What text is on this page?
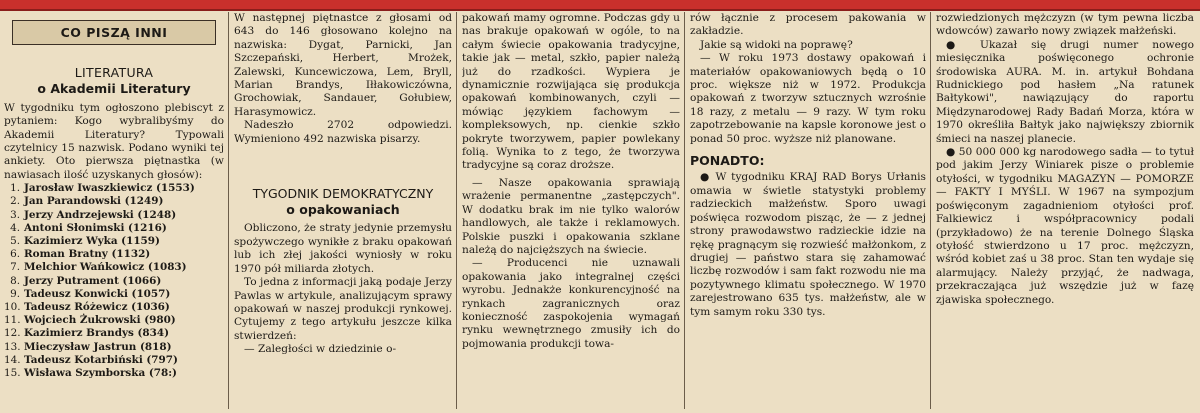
CO PISZĄ INNI
LITERATURA
o Akademii Literatury

W tygodniku tym ogłoszono plebiscyt z pytaniem: Kogo wybralibyśmy do Akademii Literatury? Typowali czytelnicy 15 nazwisk. Podano wyniki tej ankiety. Oto pierwsza piętnastka (w nawiasach ilość uzyskanych głosów):

1. Jarosław Iwaszkiewicz (1553)
2. Jan Parandowski (1249)
3. Jerzy Andrzejewski (1248)
4. Antoni Słonimski (1216)
5. Kazimierz Wyka (1159)
6. Roman Bratny (1132)
7. Melchior Wańkowicz (1083)
8. Jerzy Putrament (1066)
9. Tadeusz Konwicki (1057)
10. Tadeusz Różewicz (1036)
11. Wojciech Żukrowski (980)
12. Kazimierz Brandys (834)
13. Mieczysław Jastrun (818)
14. Tadeusz Kotarbiński (797)
15. Wisława Szymborska (78:)

W następnej piętnastce z głosami od 643 do 146 głosowano kolejno na nazwiska: Dygat, Parnicki, Jan Szczepański, Herbert, Mrożek, Zalewski, Kuncewiczowa, Lem, Bryll, Marian Brandys, Iłłakowiczówna, Grochowiak, Sandauer, Gołubiew, Harasymowicz.

Nadeszło 2702 odpowiedzi. Wymieniono 492 nazwiska pisarzy.

TYGODNIK DEMOKRATYCZNY
o opakowaniach

Obliczono, że straty jedynie przemysłu spożywczego wynikłe z braku opakowań lub ich złej jakości wyniosły w roku 1970 pół miliarda złotych.

To jedna z informacji jaką podaje Jerzy Pawlas w artykule, analizującym sprawy opakowań w naszej produkcji rynkowej. Cytujemy z tego artykułu jeszcze kilka stwierdzeń:

— Zaległości w dziedzinie o-

pakowań mamy ogromne. Podczas gdy u nas brakuje opakowań w ogóle, to na całym świecie opakowania tradycyjne, takie jak — metal, szkło, papier należą już do rzadkości. Wypiera je dynamicznie rozwijająca się produkcja opakowań kombinowanych, czyli — mówiąc językiem fachowym — kompleksowych, np. cienkie szkło pokryte tworzywem, papier powlekany folią. Wynika to z tego, że tworzywa tradycyjne są coraz droższe.

— Nasze opakowania sprawiają wrażenie permanentne „zastępczych". W dodatku brak im nie tylko walorów handlowych, ale także i reklamowych. Polskie puszki i opakowania szklane należą do najcięższych na świecie.

— Producenci nie uznawali opakowania jako integralnej części wyrobu. Jednakże konkurencyjność na rynkach zagranicznych oraz konieczność zaspokojenia wymagań rynku wewnętrznego zmusiły ich do pojmowania produkcji towa-

rów łącznie z procesem pakowania w zakładzie.

Jakie są widoki na poprawę?

— W roku 1973 dostawy opakowań i materiałów opakowaniowych będą o 10 proc. większe niż w 1972. Produkcja opakowań z tworzyw sztucznych wzrośnie 18 razy, z metalu — 9 razy. W tym roku zapotrzebowanie na kapsle koronowe jest o ponad 50 proc. wyższe niż planowane.

PONADTO:

● W tygodniku KRAJ RAD Borys Urłanis omawia w świetle statystyki problemy radzieckich małżeństw. Sporo uwagi poświęca rozwodom pisząc, że — z jednej strony prawodawstwo radzieckie idzie na rękę pragnącym się rozwieść małżonkom, z drugiej — państwo stara się zahamować liczbę rozwodów i sam fakt rozwodu nie ma pozytywnego klimatu społecznego. W 1970 zarejestrowano 635 tys. małżeństw, ale w tym samym roku 330 tys.

rozwiedzionych mężczyzn (w tym pewna liczba wdowców) zawarło nowy związek małżeński.

● Ukazał się drugi numer nowego miesięcznika poświęconego ochronie środowiska AURA. M. in. artykuł Bohdana Rudnickiego pod hasłem „Na ratunek Bałtykowi", nawiązujący do raportu Międzynarodowej Rady Badań Morza, która w 1970 określiła Bałtyk jako największy zbiornik śmieci na naszej planecie.

● 50 000 000 kg narodowego sadła — to tytuł pod jakim Jerzy Winiarek pisze o problemie otyłości, w tygodniku MAGAZYN — POMORZE — FAKTY I MYŚLI. W 1967 na sympozjum poświęconym zagadnieniom otyłości prof. Falkiewicz i współpracownicy podali (przykładowo) że na terenie Dolnego Śląska otyłość stwierdzono u 17 proc. mężczyzn, wśród kobiet zaś u 38 proc. Stan ten wydaje się alarmujący. Należy przyjąć, że nadwaga, przekraczająca już wszędzie już w fazę zjawiska społecznego.
